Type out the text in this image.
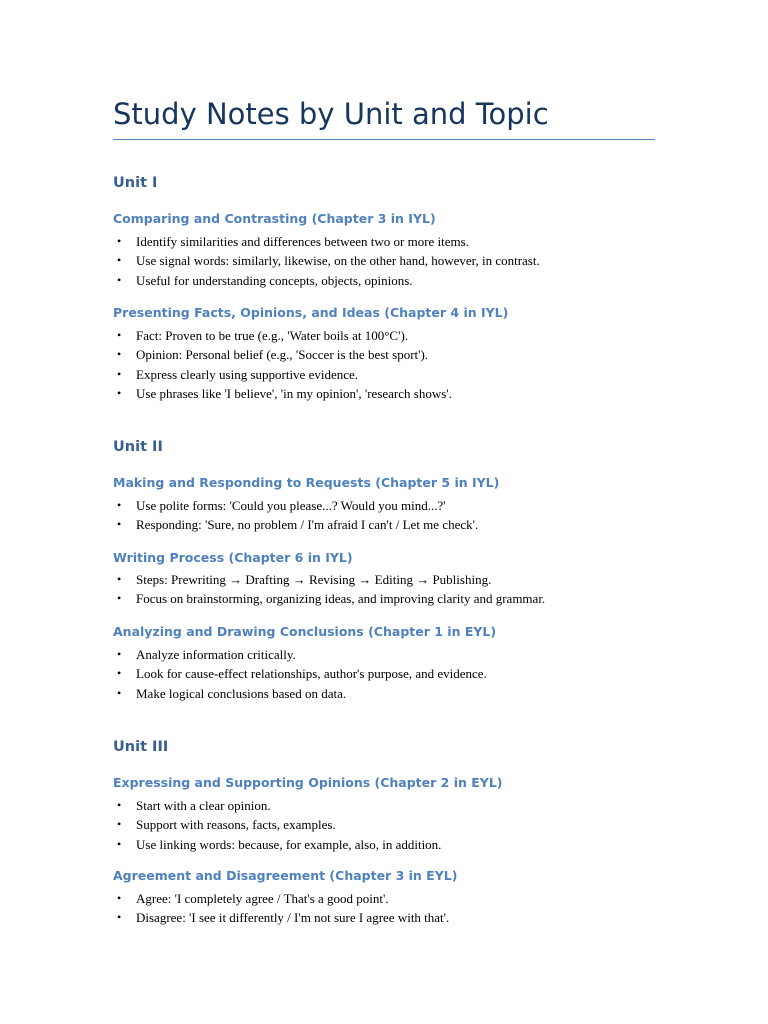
Study Notes by Unit and Topic
Unit I
Comparing and Contrasting (Chapter 3 in IYL)
• Identify similarities and differences between two or more items.
• Use signal words: similarly, likewise, on the other hand, however, in contrast.
• Useful for understanding concepts, objects, opinions.
Presenting Facts, Opinions, and Ideas (Chapter 4 in IYL)
• Fact: Proven to be true (e.g., 'Water boils at 100°C').
• Opinion: Personal belief (e.g., 'Soccer is the best sport').
• Express clearly using supportive evidence.
• Use phrases like 'I believe', 'in my opinion', 'research shows'.
Unit II
Making and Responding to Requests (Chapter 5 in IYL)
• Use polite forms: 'Could you please...? Would you mind...?'
• Responding: 'Sure, no problem / I'm afraid I can't / Let me check'.
Writing Process (Chapter 6 in IYL)
• Steps: Prewriting → Drafting → Revising → Editing → Publishing.
• Focus on brainstorming, organizing ideas, and improving clarity and grammar.
Analyzing and Drawing Conclusions (Chapter 1 in EYL)
• Analyze information critically.
• Look for cause-effect relationships, author's purpose, and evidence.
• Make logical conclusions based on data.
Unit III
Expressing and Supporting Opinions (Chapter 2 in EYL)
• Start with a clear opinion.
• Support with reasons, facts, examples.
• Use linking words: because, for example, also, in addition.
Agreement and Disagreement (Chapter 3 in EYL)
• Agree: 'I completely agree / That's a good point'.
• Disagree: 'I see it differently / I'm not sure I agree with that'.
